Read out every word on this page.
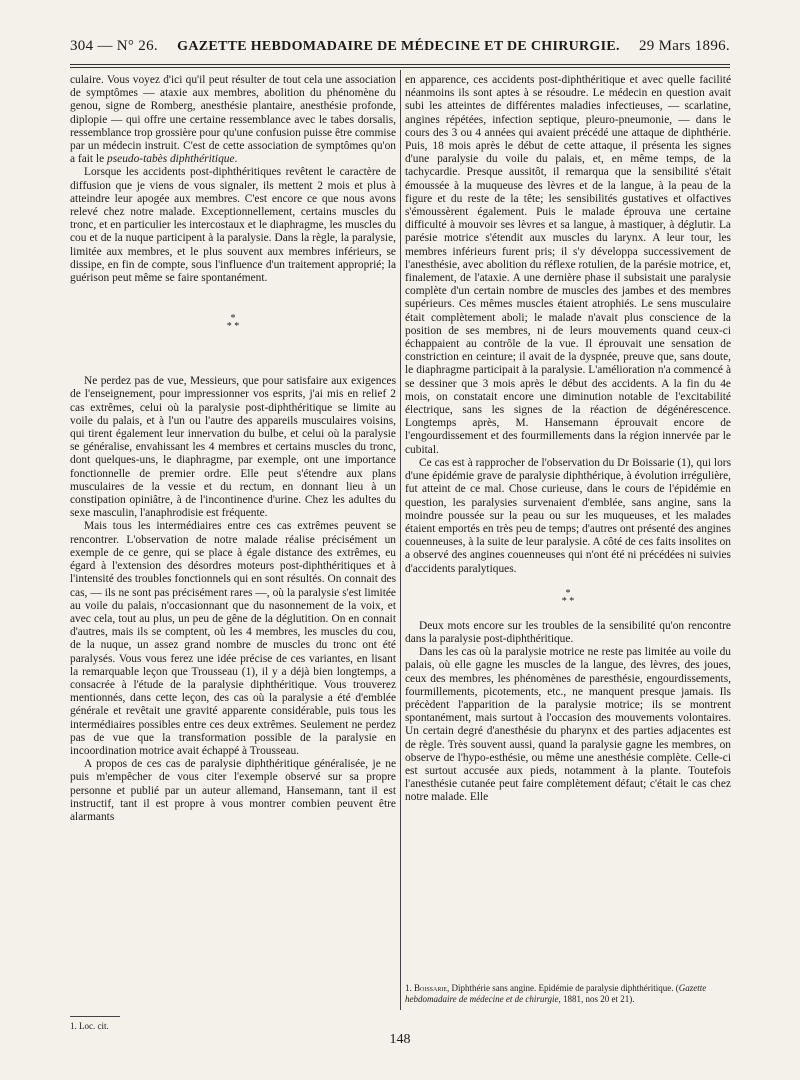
304 — N° 26. GAZETTE HEBDOMADAIRE DE MÉDECINE ET DE CHIRURGIE. 29 Mars 1896.

culaire. Vous voyez d'ici qu'il peut résulter de tout cela une association de symptômes — ataxie aux membres, abolition du phénomène du genou, signe de Romberg, anesthésie plantaire, anesthésie profonde, diplopie — qui offre une certaine ressemblance avec le tabes dorsalis, ressemblance trop grossière pour qu'une confusion puisse être commise par un médecin instruit. C'est de cette association de symptômes qu'on a fait le pseudo-tabès diphthéritique.

Lorsque les accidents post-diphthéritiques revêtent le caractère de diffusion que je viens de vous signaler, ils mettent 2 mois et plus à atteindre leur apogée aux membres. C'est encore ce que nous avons relevé chez notre malade. Exceptionnellement, certains muscles du tronc, et en particulier les intercostaux et le diaphragme, les muscles du cou et de la nuque participent à la paralysie. Dans la règle, la paralysie, limitée aux membres, et le plus souvent aux membres inférieurs, se dissipe, en fin de compte, sous l'influence d'un traitement approprié; la guérison peut même se faire spontanément.

*
* *

Ne perdez pas de vue, Messieurs, que pour satisfaire aux exigences de l'enseignement, pour impressionner vos esprits, j'ai mis en relief 2 cas extrêmes, celui où la paralysie post-diphthéritique se limite au voile du palais, et à l'un ou l'autre des appareils musculaires voisins, qui tirent également leur innervation du bulbe, et celui où la paralysie se généralise, envahissant les 4 membres et certains muscles du tronc, dont quelques-uns, le diaphragme, par exemple, ont une importance fonctionnelle de premier ordre. Elle peut s'étendre aux plans musculaires de la vessie et du rectum, en donnant lieu à un constipation opiniâtre, à de l'incontinence d'urine. Chez les adultes du sexe masculin, l'anaphrodisie est fréquente.

Mais tous les intermédiaires entre ces cas extrêmes peuvent se rencontrer. L'observation de notre malade réalise précisément un exemple de ce genre, qui se place à égale distance des extrêmes, eu égard à l'extension des désordres moteurs post-diphthéritiques et à l'intensité des troubles fonctionnels qui en sont résultés. On connait des cas, — ils ne sont pas précisément rares —, où la paralysie s'est limitée au voile du palais, n'occasionnant que du nasonnement de la voix, et avec cela, tout au plus, un peu de gêne de la déglutition. On en connait d'autres, mais ils se comptent, où les 4 membres, les muscles du cou, de la nuque, un assez grand nombre de muscles du tronc ont été paralysés. Vous vous ferez une idée précise de ces variantes, en lisant la remarquable leçon que Trousseau (1), il y a déjà bien longtemps, a consacrée à l'étude de la paralysie diphthéritique. Vous trouverez mentionnés, dans cette leçon, des cas où la paralysie a été d'emblée générale et revêtait une gravité apparente considérable, puis tous les intermédiaires possibles entre ces deux extrêmes. Seulement ne perdez pas de vue que la transformation possible de la paralysie en incoordination motrice avait échappé à Trousseau.

A propos de ces cas de paralysie diphthéritique généralisée, je ne puis m'empêcher de vous citer l'exemple observé sur sa propre personne et publié par un auteur allemand, Hansemann, tant il est instructif, tant il est propre à vous montrer combien peuvent être alarmants

1. Loc. cit.

en apparence, ces accidents post-diphthéritique et avec quelle facilité néanmoins ils sont aptes à se résoudre. Le médecin en question avait subi les atteintes de différentes maladies infectieuses, — scarlatine, angines répétées, infection septique, pleuro-pneumonie, — dans le cours des 3 ou 4 années qui avaient précédé une attaque de diphthérie. Puis, 18 mois après le début de cette attaque, il présenta les signes d'une paralysie du voile du palais, et, en même temps, de la tachycardie. Presque aussitôt, il remarqua que la sensibilité s'était émoussée à la muqueuse des lèvres et de la langue, à la peau de la figure et du reste de la tête; les sensibilités gustatives et olfactives s'émoussèrent également. Puis le malade éprouva une certaine difficulté à mouvoir ses lèvres et sa langue, à mastiquer, à déglutir. La parésie motrice s'étendit aux muscles du larynx. A leur tour, les membres inférieurs furent pris; il s'y développa successivement de l'anesthésie, avec abolition du réflexe rotulien, de la parésie motrice, et, finalement, de l'ataxie. A une dernière phase il subsistait une paralysie complète d'un certain nombre de muscles des jambes et des membres supérieurs. Ces mêmes muscles étaient atrophiés. Le sens musculaire était complètement aboli; le malade n'avait plus conscience de la position de ses membres, ni de leurs mouvements quand ceux-ci échappaient au contrôle de la vue. Il éprouvait une sensation de constriction en ceinture; il avait de la dyspnée, preuve que, sans doute, le diaphragme participait à la paralysie. L'amélioration n'a commencé à se dessiner que 3 mois après le début des accidents. A la fin du 4e mois, on constatait encore une diminution notable de l'excitabilité électrique, sans les signes de la réaction de dégénérescence. Longtemps après, M. Hansemann éprouvait encore de l'engourdissement et des fourmillements dans la région innervée par le cubital.

Ce cas est à rapprocher de l'observation du Dr Boissarie (1), qui lors d'une épidémie grave de paralysie diphthérique, à évolution irrégulière, fut atteint de ce mal. Chose curieuse, dans le cours de l'épidémie en question, les paralysies survenaient d'emblée, sans angine, sans la moindre poussée sur la peau ou sur les muqueuses, et les malades étaient emportés en très peu de temps; d'autres ont présenté des angines couenneuses, à la suite de leur paralysie. A côté de ces faits insolites on a observé des angines couenneuses qui n'ont été ni précédées ni suivies d'accidents paralytiques.

*
* *

Deux mots encore sur les troubles de la sensibilité qu'on rencontre dans la paralysie post-diphthéritique.

Dans les cas où la paralysie motrice ne reste pas limitée au voile du palais, où elle gagne les muscles de la langue, des lèvres, des joues, ceux des membres, les phénomènes de paresthésie, engourdissements, fourmillements, picotements, etc., ne manquent presque jamais. Ils précèdent l'apparition de la paralysie motrice; ils se montrent spontanément, mais surtout à l'occasion des mouvements volontaires. Un certain degré d'anesthésie du pharynx et des parties adjacentes est de règle. Très souvent aussi, quand la paralysie gagne les membres, on observe de l'hypo-esthésie, ou même une anesthésie complète. Celle-ci est surtout accusée aux pieds, notamment à la plante. Toutefois l'anesthésie cutanée peut faire complètement défaut; c'était le cas chez notre malade. Elle

1. Boissarie, Diphthérie sans angine. Epidémie de paralysie diphthéritique. (Gazette hebdomadaire de médecine et de chirurgie, 1881, nos 20 et 21).
148
